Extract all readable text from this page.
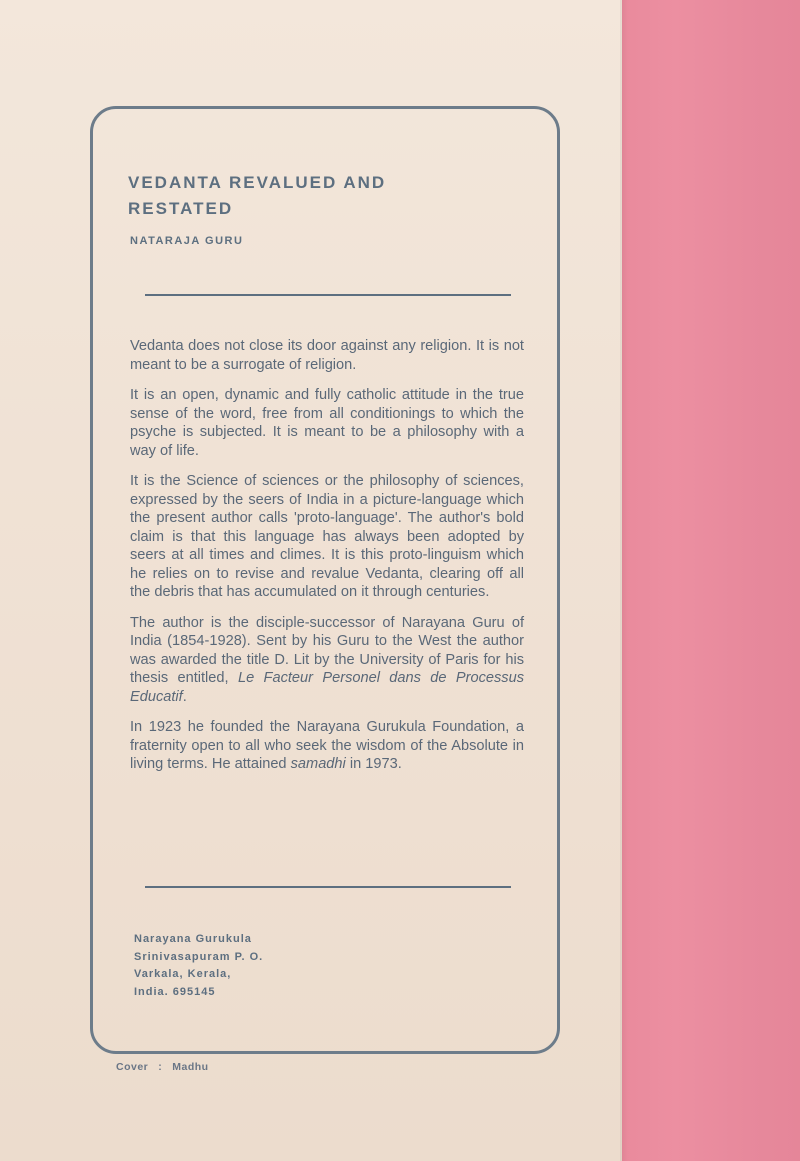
VEDANTA REVALUED AND
RESTATED
NATARAJA GURU

Vedanta does not close its door against any religion. It is not meant to be a surrogate of religion.

It is an open, dynamic and fully catholic attitude in the true sense of the word, free from all conditionings to which the psyche is subjected. It is meant to be a philosophy with a way of life.

It is the Science of sciences or the philosophy of sciences, expressed by the seers of India in a picture-language which the present author calls 'proto-language'. The author's bold claim is that this language has always been adopted by seers at all times and climes. It is this proto-linguism which he relies on to revise and revalue Vedanta, clearing off all the debris that has accumulated on it through centuries.

The author is the disciple-successor of Narayana Guru of India (1854-1928). Sent by his Guru to the West the author was awarded the title D. Lit by the University of Paris for his thesis entitled, Le Facteur Personel dans de Processus Educatif.

In 1923 he founded the Narayana Gurukula Foundation, a fraternity open to all who seek the wisdom of the Absolute in living terms. He attained samadhi in 1973.

Narayana Gurukula
Srinivasapuram P. O.
Varkala, Kerala,
India. 695145
Cover : Madhu
